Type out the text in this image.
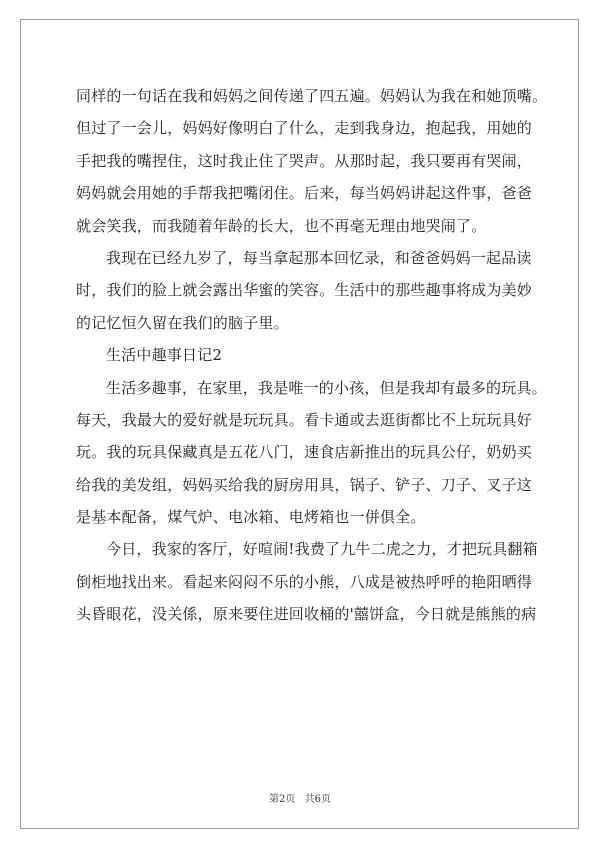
同样的一句话在我和妈妈之间传递了四五遍。妈妈认为我在和她顶嘴。
但过了一会儿，妈妈好像明白了什么，走到我身边，抱起我，用她的
手把我的嘴捏住，这时我止住了哭声。从那时起，我只要再有哭闹，
妈妈就会用她的手帮我把嘴闭住。后来，每当妈妈讲起这件事，爸爸
就会笑我，而我随着年龄的长大，也不再毫无理由地哭闹了。
我现在已经九岁了，每当拿起那本回忆录，和爸爸妈妈一起品读
时，我们的脸上就会露出华蜜的笑容。生活中的那些趣事将成为美妙
的记忆恒久留在我们的脑子里。
生活中趣事日记2
生活多趣事，在家里，我是唯一的小孩，但是我却有最多的玩具。
每天，我最大的爱好就是玩玩具。看卡通或去逛街都比不上玩玩具好
玩。我的玩具保藏真是五花八门，速食店新推出的玩具公仔，奶奶买
给我的美发组，妈妈买给我的厨房用具，锅子、铲子、刀子、叉子这
是基本配备，煤气炉、电冰箱、电烤箱也一併俱全。
今日，我家的客厅，好喧闹!我费了九牛二虎之力，才把玩具翻箱
倒柜地找出来。看起来闷闷不乐的小熊，八成是被热呼呼的艳阳晒得
头昏眼花，没关係，原来要住进回收桶的'囍饼盒，今日就是熊熊的病
第2页 共6页
